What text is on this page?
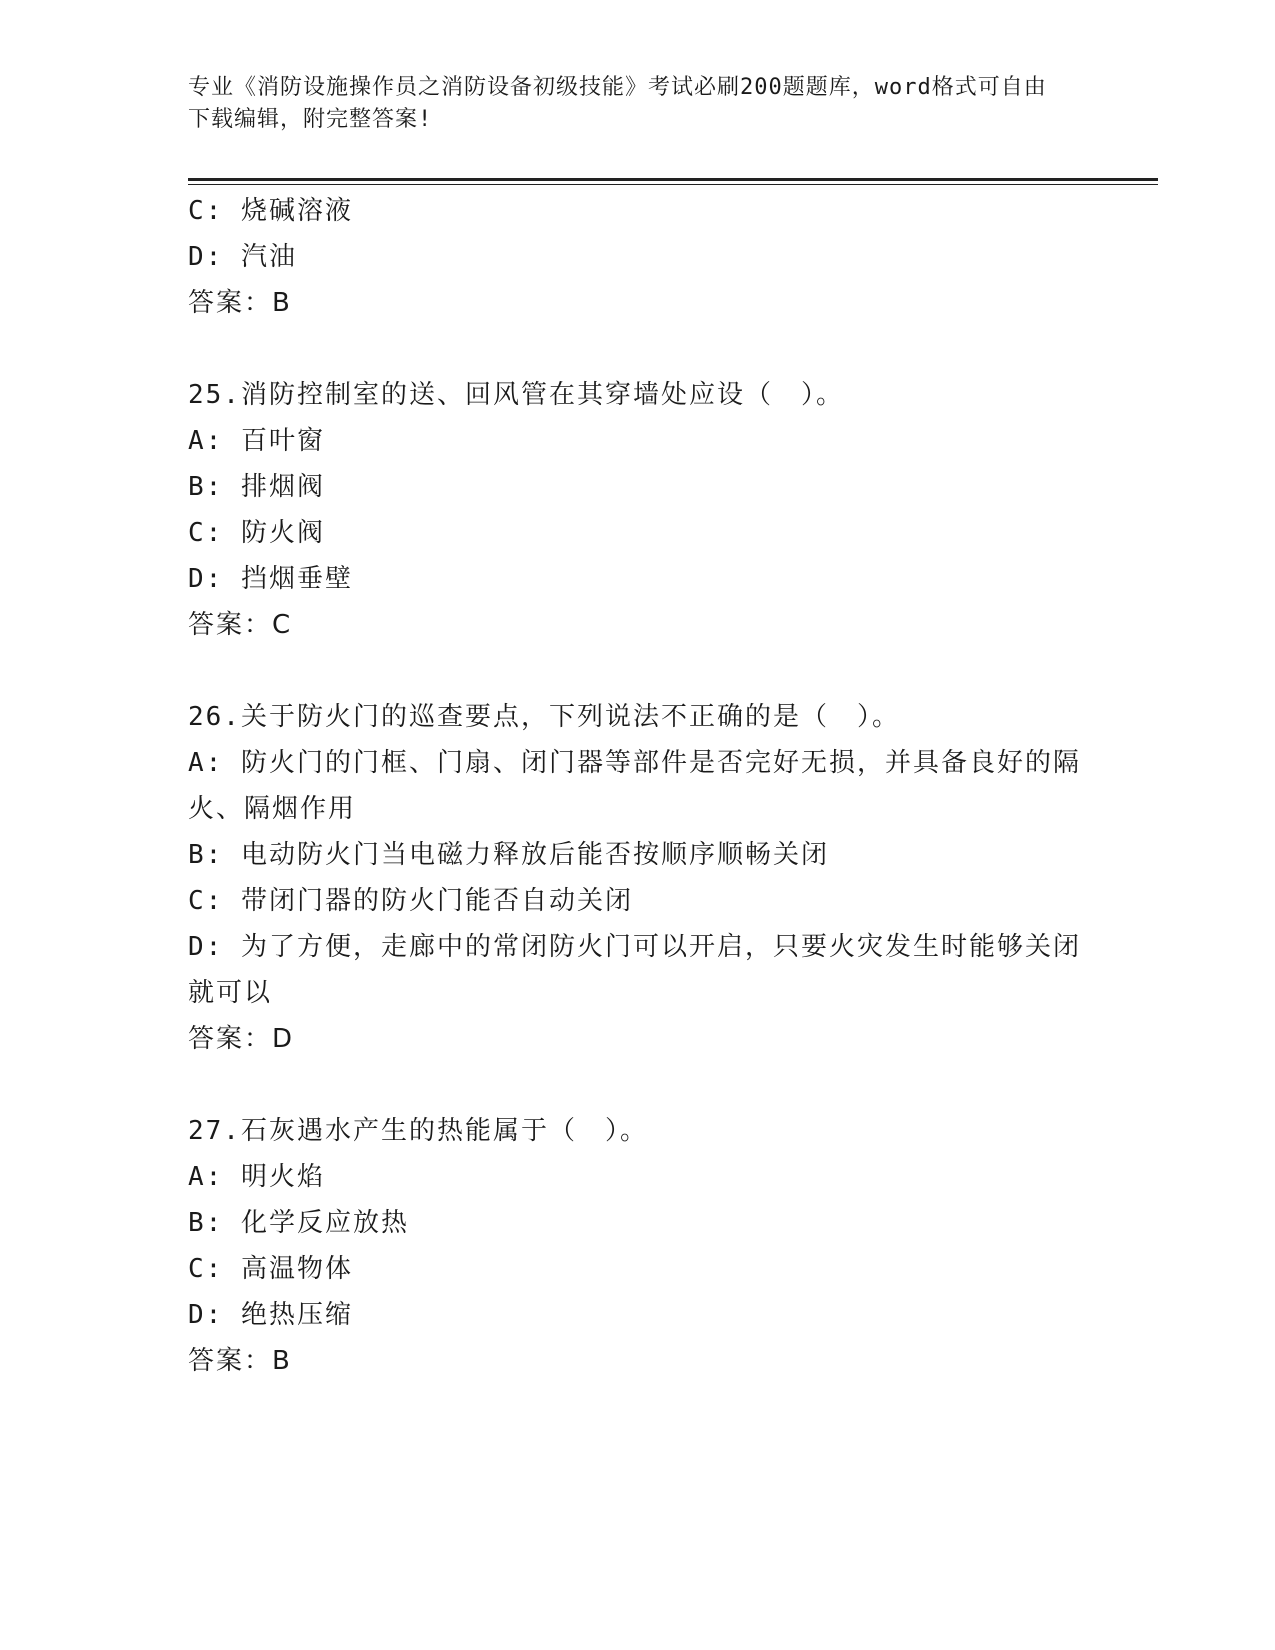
专业《消防设施操作员之消防设备初级技能》考试必刷200题题库，word格式可自由下载编辑，附完整答案!
C: 烧碱溶液
D: 汽油
答案：B
25.消防控制室的送、回风管在其穿墙处应设（　）。
A: 百叶窗
B: 排烟阀
C: 防火阀
D: 挡烟垂壁
答案：C
26.关于防火门的巡查要点，下列说法不正确的是（　）。
A: 防火门的门框、门扇、闭门器等部件是否完好无损，并具备良好的隔火、隔烟作用
B: 电动防火门当电磁力释放后能否按顺序顺畅关闭
C: 带闭门器的防火门能否自动关闭
D: 为了方便，走廊中的常闭防火门可以开启，只要火灾发生时能够关闭就可以
答案：D
27.石灰遇水产生的热能属于（　）。
A: 明火焰
B: 化学反应放热
C: 高温物体
D: 绝热压缩
答案：B
